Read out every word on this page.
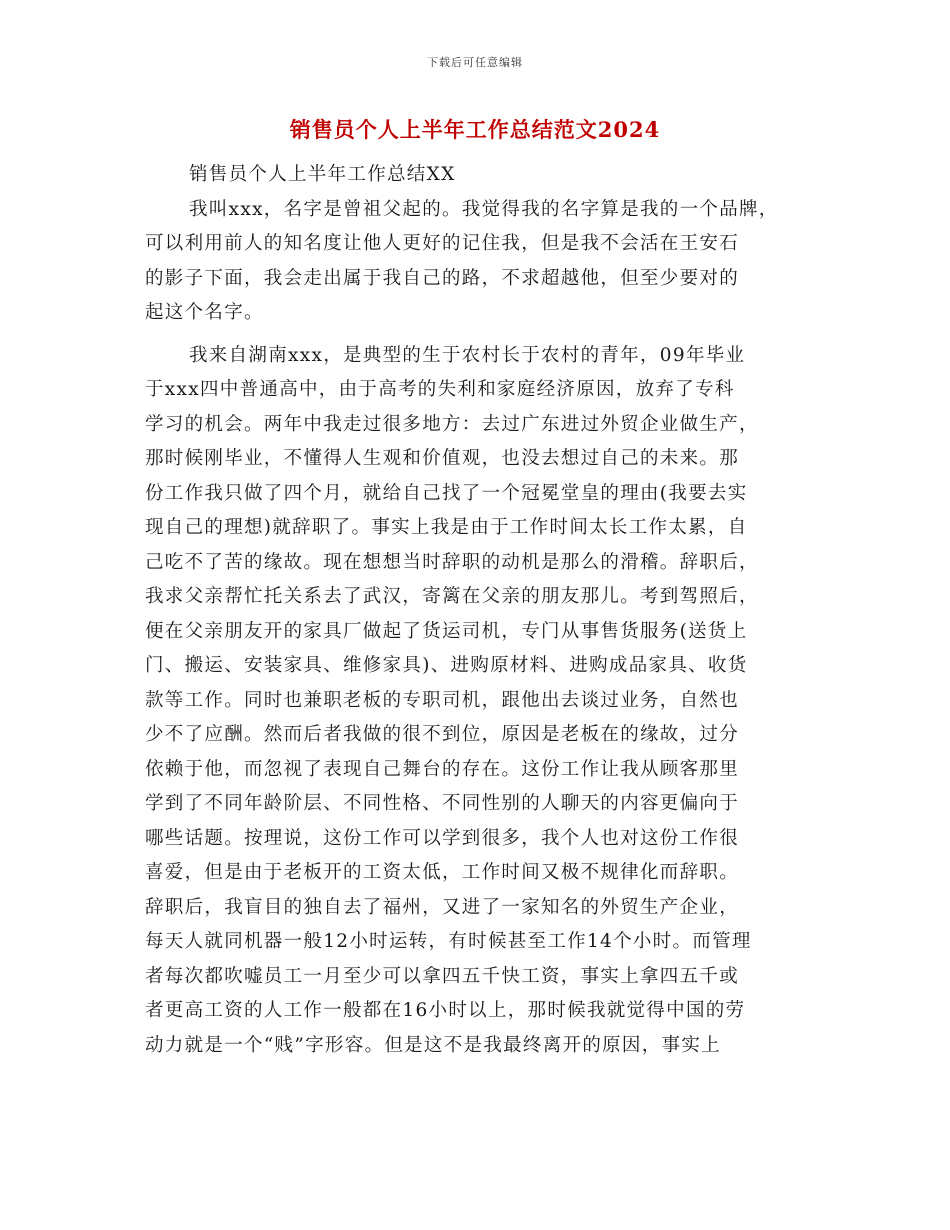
下载后可任意编辑
销售员个人上半年工作总结范文2024
销售员个人上半年工作总结XX
我叫xxx，名字是曾祖父起的。我觉得我的名字算是我的一个品牌，
可以利用前人的知名度让他人更好的记住我，但是我不会活在王安石
的影子下面，我会走出属于我自己的路，不求超越他，但至少要对的
起这个名字。
我来自湖南xxx，是典型的生于农村长于农村的青年，09年毕业
于xxx四中普通高中，由于高考的失利和家庭经济原因，放弃了专科
学习的机会。两年中我走过很多地方：去过广东进过外贸企业做生产，
那时候刚毕业，不懂得人生观和价值观，也没去想过自己的未来。那
份工作我只做了四个月，就给自己找了一个冠冕堂皇的理由(我要去实
现自己的理想)就辞职了。事实上我是由于工作时间太长工作太累，自
己吃不了苦的缘故。现在想想当时辞职的动机是那么的滑稽。辞职后，
我求父亲帮忙托关系去了武汉，寄篱在父亲的朋友那儿。考到驾照后，
便在父亲朋友开的家具厂做起了货运司机，专门从事售货服务(送货上
门、搬运、安装家具、维修家具)、进购原材料、进购成品家具、收货
款等工作。同时也兼职老板的专职司机，跟他出去谈过业务，自然也
少不了应酬。然而后者我做的很不到位，原因是老板在的缘故，过分
依赖于他，而忽视了表现自己舞台的存在。这份工作让我从顾客那里
学到了不同年龄阶层、不同性格、不同性别的人聊天的内容更偏向于
哪些话题。按理说，这份工作可以学到很多，我个人也对这份工作很
喜爱，但是由于老板开的工资太低，工作时间又极不规律化而辞职。
辞职后，我盲目的独自去了福州，又进了一家知名的外贸生产企业，
每天人就同机器一般12小时运转，有时候甚至工作14个小时。而管理
者每次都吹嘘员工一月至少可以拿四五千快工资，事实上拿四五千或
者更高工资的人工作一般都在16小时以上，那时候我就觉得中国的劳
动力就是一个“贱”字形容。但是这不是我最终离开的原因，事实上
